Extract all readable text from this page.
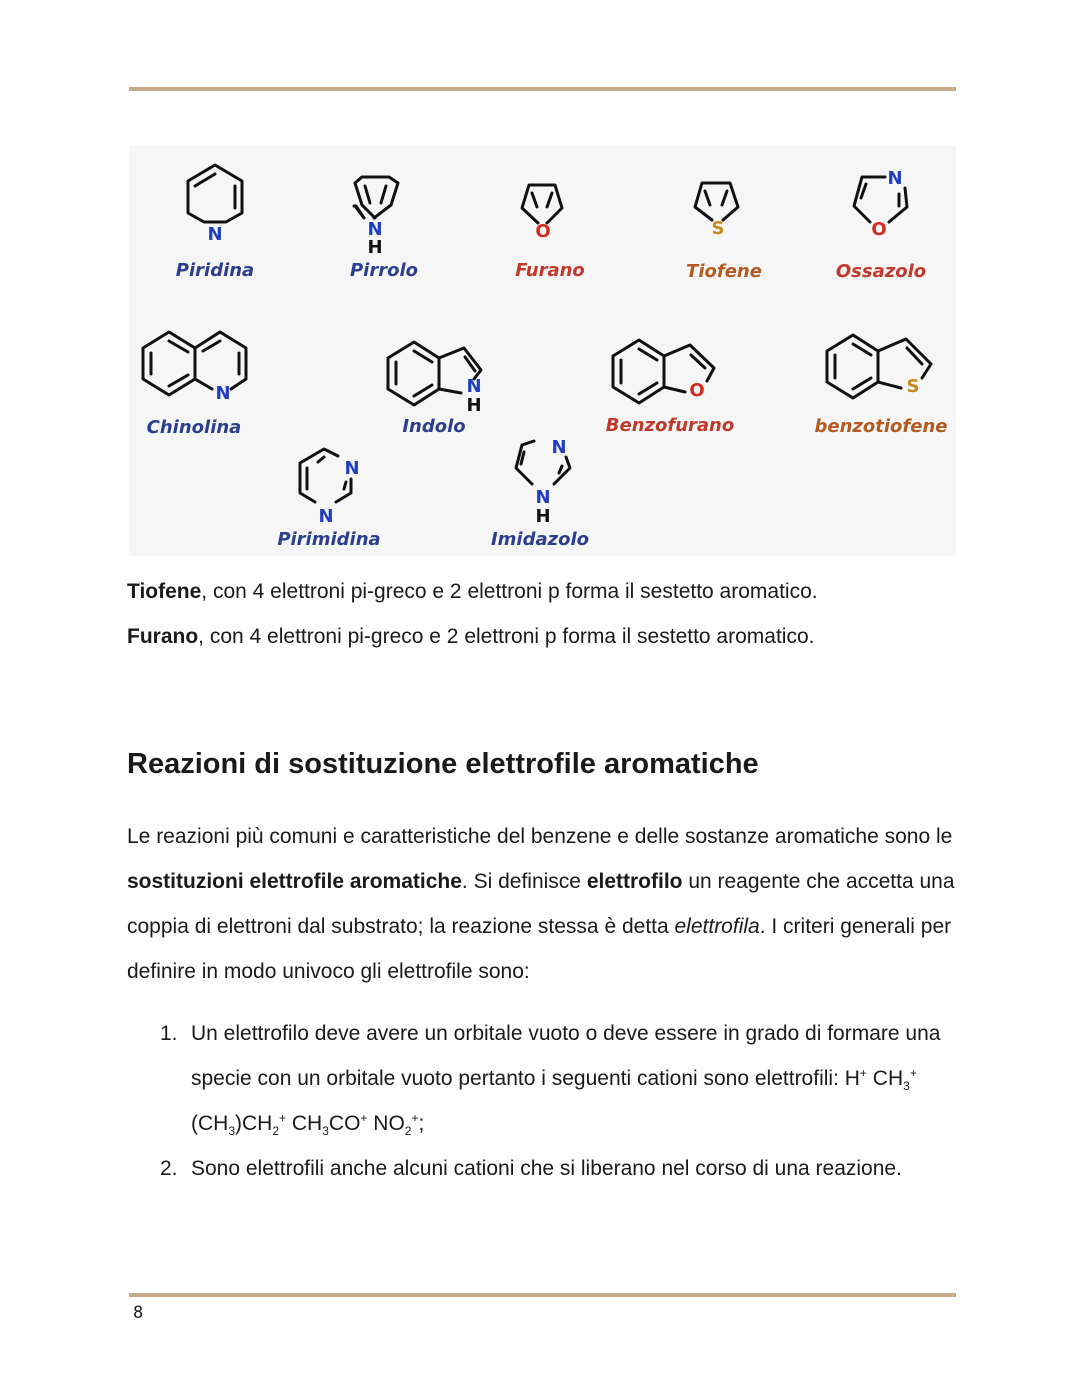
N	N
H
O	S
N
O
N	N
H
O	S
N
N
N
N
H
Piridina	Pirrolo	Furano	Tiofene	Ossazolo
Chinolina	Indolo	Benzofurano	benzotiofene
Pirimidina	Imidazolo

Tiofene, con 4 elettroni pi-greco e 2 elettroni p forma il sestetto aromatico.

Furano, con 4 elettroni pi-greco e 2 elettroni p forma il sestetto aromatico.

Reazioni di sostituzione elettrofile aromatiche

Le reazioni più comuni e caratteristiche del benzene e delle sostanze aromatiche sono le sostituzioni elettrofile aromatiche. Si definisce elettrofilo un reagente che accetta una coppia di elettroni dal substrato; la reazione stessa è detta elettrofila. I criteri generali per definire in modo univoco gli elettrofile sono:

1. Un elettrofilo deve avere un orbitale vuoto o deve essere in grado di formare una specie con un orbitale vuoto pertanto i seguenti cationi sono elettrofili: H+ $CH_3^+$ $(CH_3)CH_2^+$ $CH_3CO^+$ $NO_2^+$;
2. Sono elettrofili anche alcuni cationi che si liberano nel corso di una reazione.
8
